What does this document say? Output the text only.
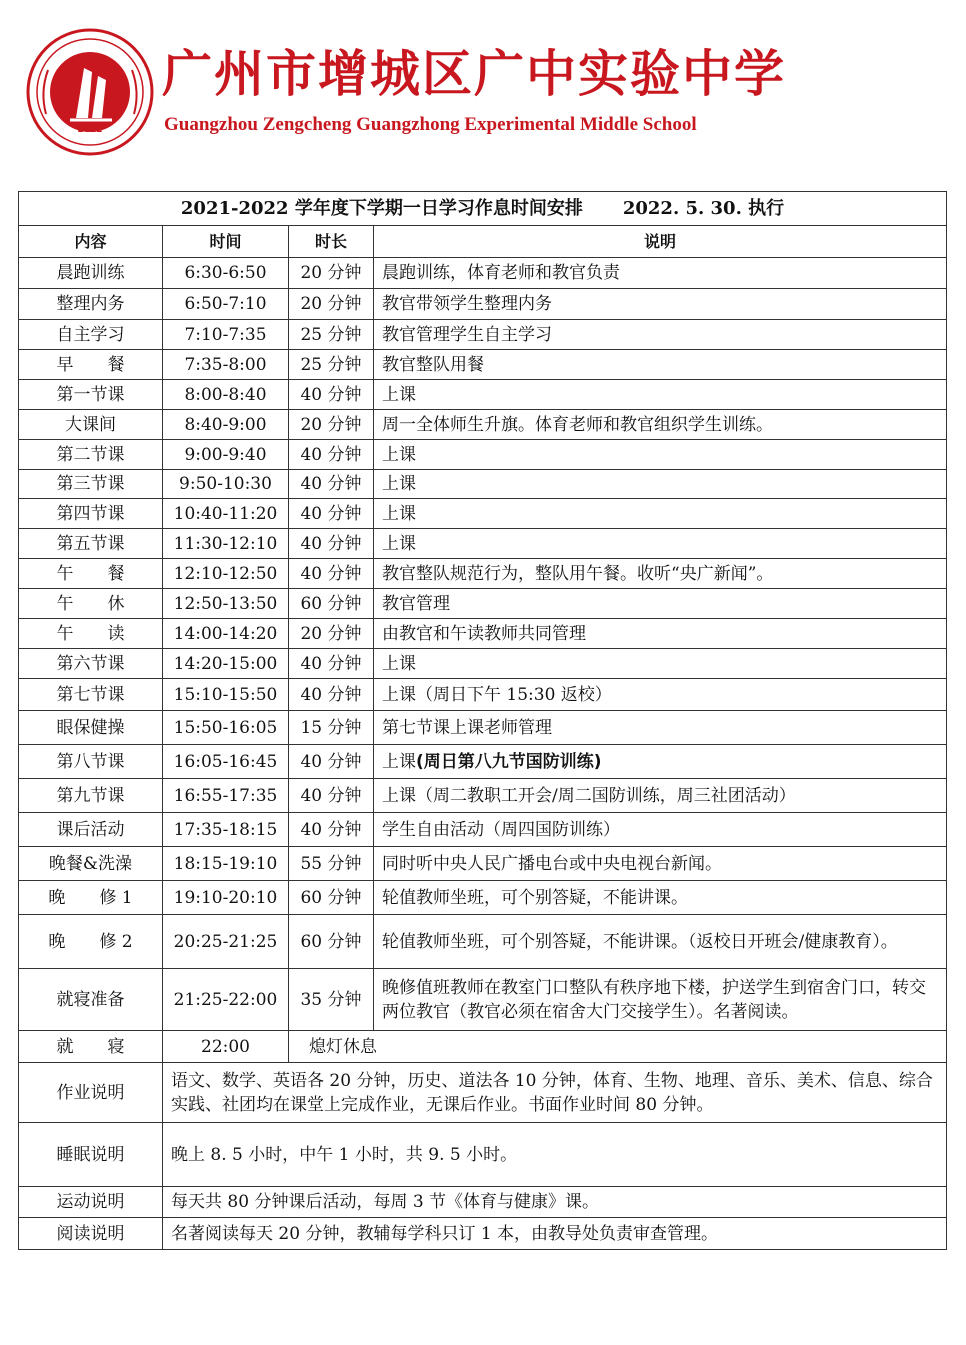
2022
广州市增城区广中实验中学
Guangzhou Zengcheng Guangzhong Experimental Middle School
2021-2022 学年度下学期一日学习作息时间安排 2022. 5. 30. 执行			
内容	时间	时长	说明
晨跑训练	6:30-6:50	20 分钟	晨跑训练，体育老师和教官负责
整理内务	6:50-7:10	20 分钟	教官带领学生整理内务
自主学习	7:10-7:35	25 分钟	教官管理学生自主学习
早　　餐	7:35-8:00	25 分钟	教官整队用餐
第一节课	8:00-8:40	40 分钟	上课
大课间	8:40-9:00	20 分钟	周一全体师生升旗。体育老师和教官组织学生训练。
第二节课	9:00-9:40	40 分钟	上课
第三节课	9:50-10:30	40 分钟	上课
第四节课	10:40-11:20	40 分钟	上课
第五节课	11:30-12:10	40 分钟	上课
午　　餐	12:10-12:50	40 分钟	教官整队规范行为，整队用午餐。收听“央广新闻”。
午　　休	12:50-13:50	60 分钟	教官管理
午　　读	14:00-14:20	20 分钟	由教官和午读教师共同管理
第六节课	14:20-15:00	40 分钟	上课
第七节课	15:10-15:50	40 分钟	上课（周日下午 15:30 返校）
眼保健操	15:50-16:05	15 分钟	第七节课上课老师管理
第八节课	16:05-16:45	40 分钟	上课(周日第八九节国防训练)
第九节课	16:55-17:35	40 分钟	上课（周二教职工开会/周二国防训练，周三社团活动）
课后活动	17:35-18:15	40 分钟	学生自由活动（周四国防训练）
晚餐&洗澡	18:15-19:10	55 分钟	同时听中央人民广播电台或中央电视台新闻。
晚　　修 1	19:10-20:10	60 分钟	轮值教师坐班，可个别答疑，不能讲课。
晚　　修 2	20:25-21:25	60 分钟	轮值教师坐班，可个别答疑，不能讲课。（返校日开班会/健康教育）。
就寝准备	21:25-22:00	35 分钟	晚修值班教师在教室门口整队有秩序地下楼，护送学生到宿舍门口，转交两位教官（教官必须在宿舍大门交接学生）。名著阅读。
就　　寝	22:00	熄灯休息	
作业说明	语文、数学、英语各 20 分钟，历史、道法各 10 分钟，体育、生物、地理、音乐、美术、信息、综合实践、社团均在课堂上完成作业，无课后作业。书面作业时间 80 分钟。		
睡眠说明	晚上 8. 5 小时，中午 1 小时，共 9. 5 小时。		
运动说明	每天共 80 分钟课后活动，每周 3 节《体育与健康》课。		
阅读说明	名著阅读每天 20 分钟，教辅每学科只订 1 本，由教导处负责审查管理。		
